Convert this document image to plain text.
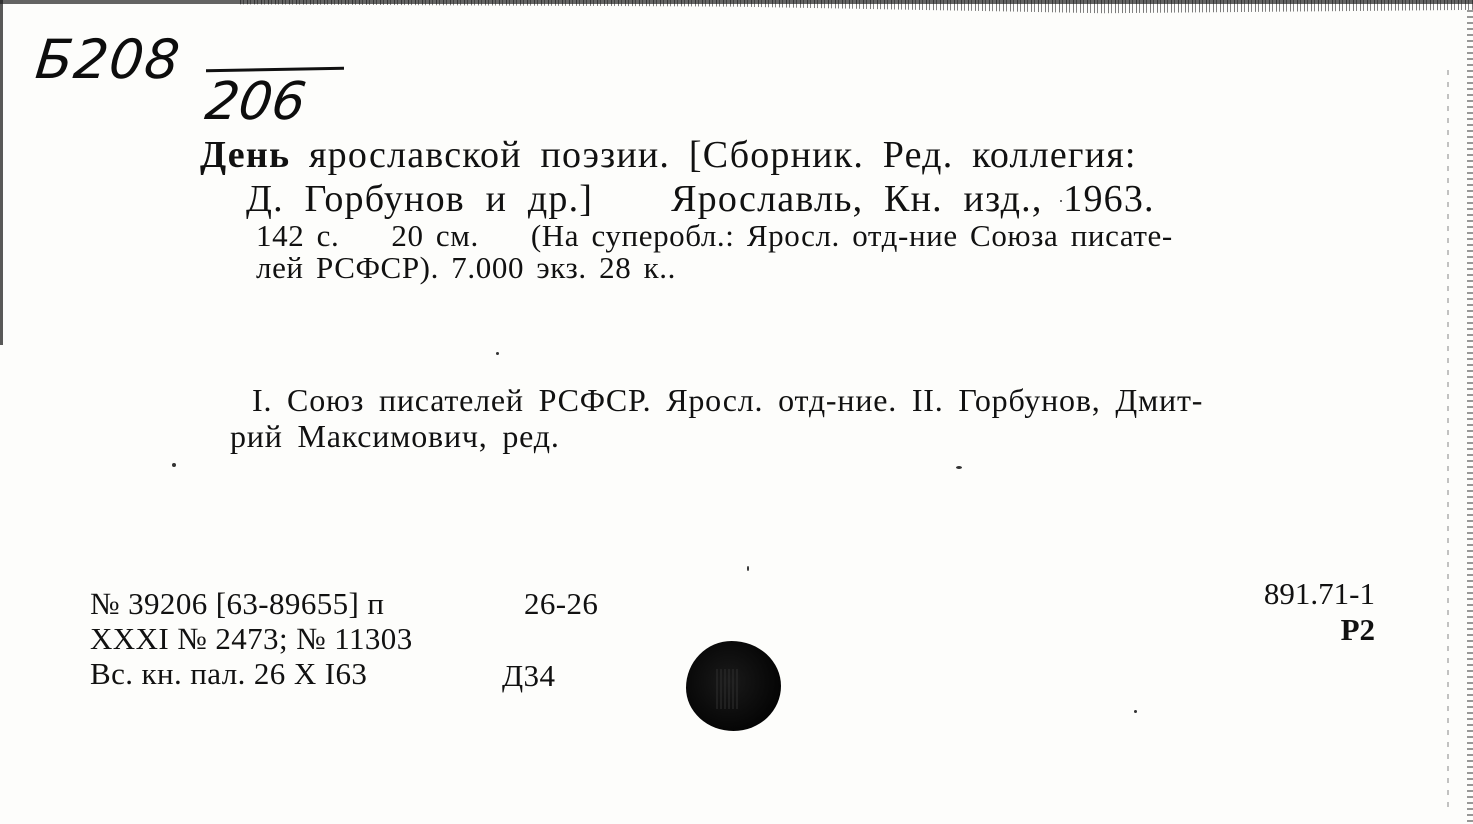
Б208
206
День ярославской поэзии. [Сборник. Ред. коллегия:
Д. Горбунов и др.] Ярославль, Кн. изд., 1963.
142 с. 20 см. (На суперобл.: Яросл. отд-ние Союза писате-
лей РСФСР). 7.000 экз. 28 к..
I. Союз писателей РСФСР. Яросл. отд-ние. II. Горбунов, Дмит-
рий Максимович, ред.
№ 39206 [63-89655] п	26-26
XXXI № 2473; № 11303
Вс. кн. пал. 26 X I63	Д34
891.71-1
Р2
